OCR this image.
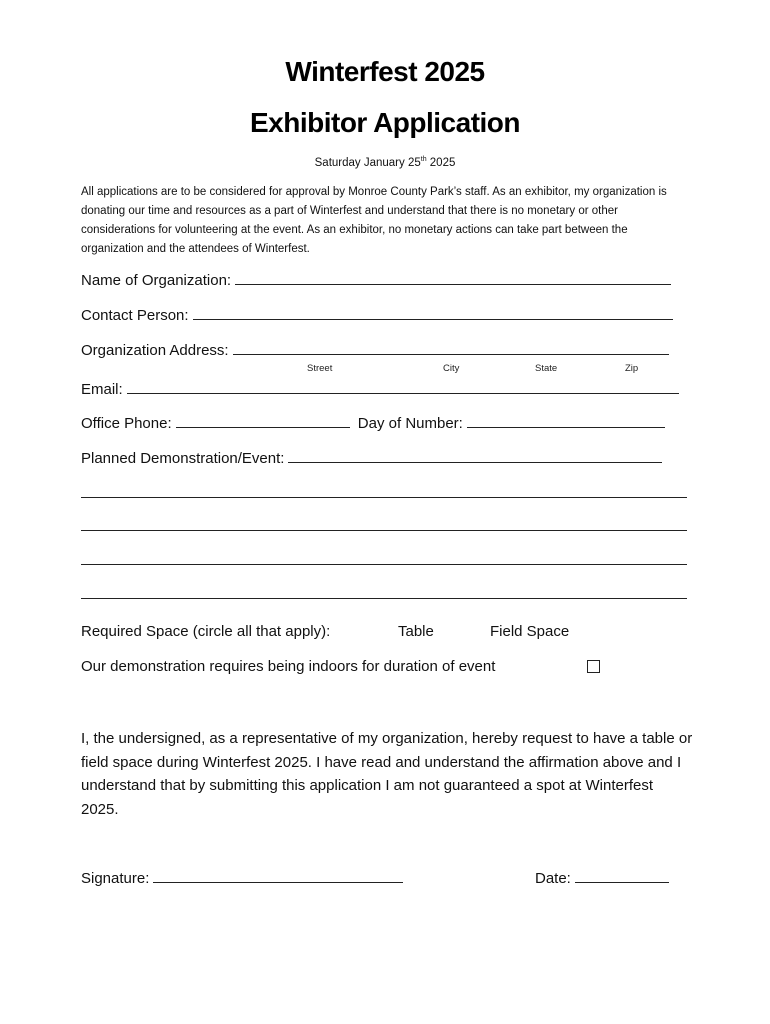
Winterfest 2025
Exhibitor Application
Saturday January 25th 2025
All applications are to be considered for approval by Monroe County Park’s staff. As an exhibitor, my organization is donating our time and resources as a part of Winterfest and understand that there is no monetary or other considerations for volunteering at the event. As an exhibitor, no monetary actions can take part between the organization and the attendees of Winterfest.
Name of Organization:
Contact Person:
Organization Address:
Street	City	State	Zip
Email:
Office Phone:	Day of Number:
Planned Demonstration/Event:
Required Space (circle all that apply):	Table	Field Space
Our demonstration requires being indoors for duration of event
I, the undersigned, as a representative of my organization, hereby request to have a table or field space during Winterfest 2025. I have read and understand the affirmation above and I understand that by submitting this application I am not guaranteed a spot at Winterfest 2025.
Signature:	Date:
